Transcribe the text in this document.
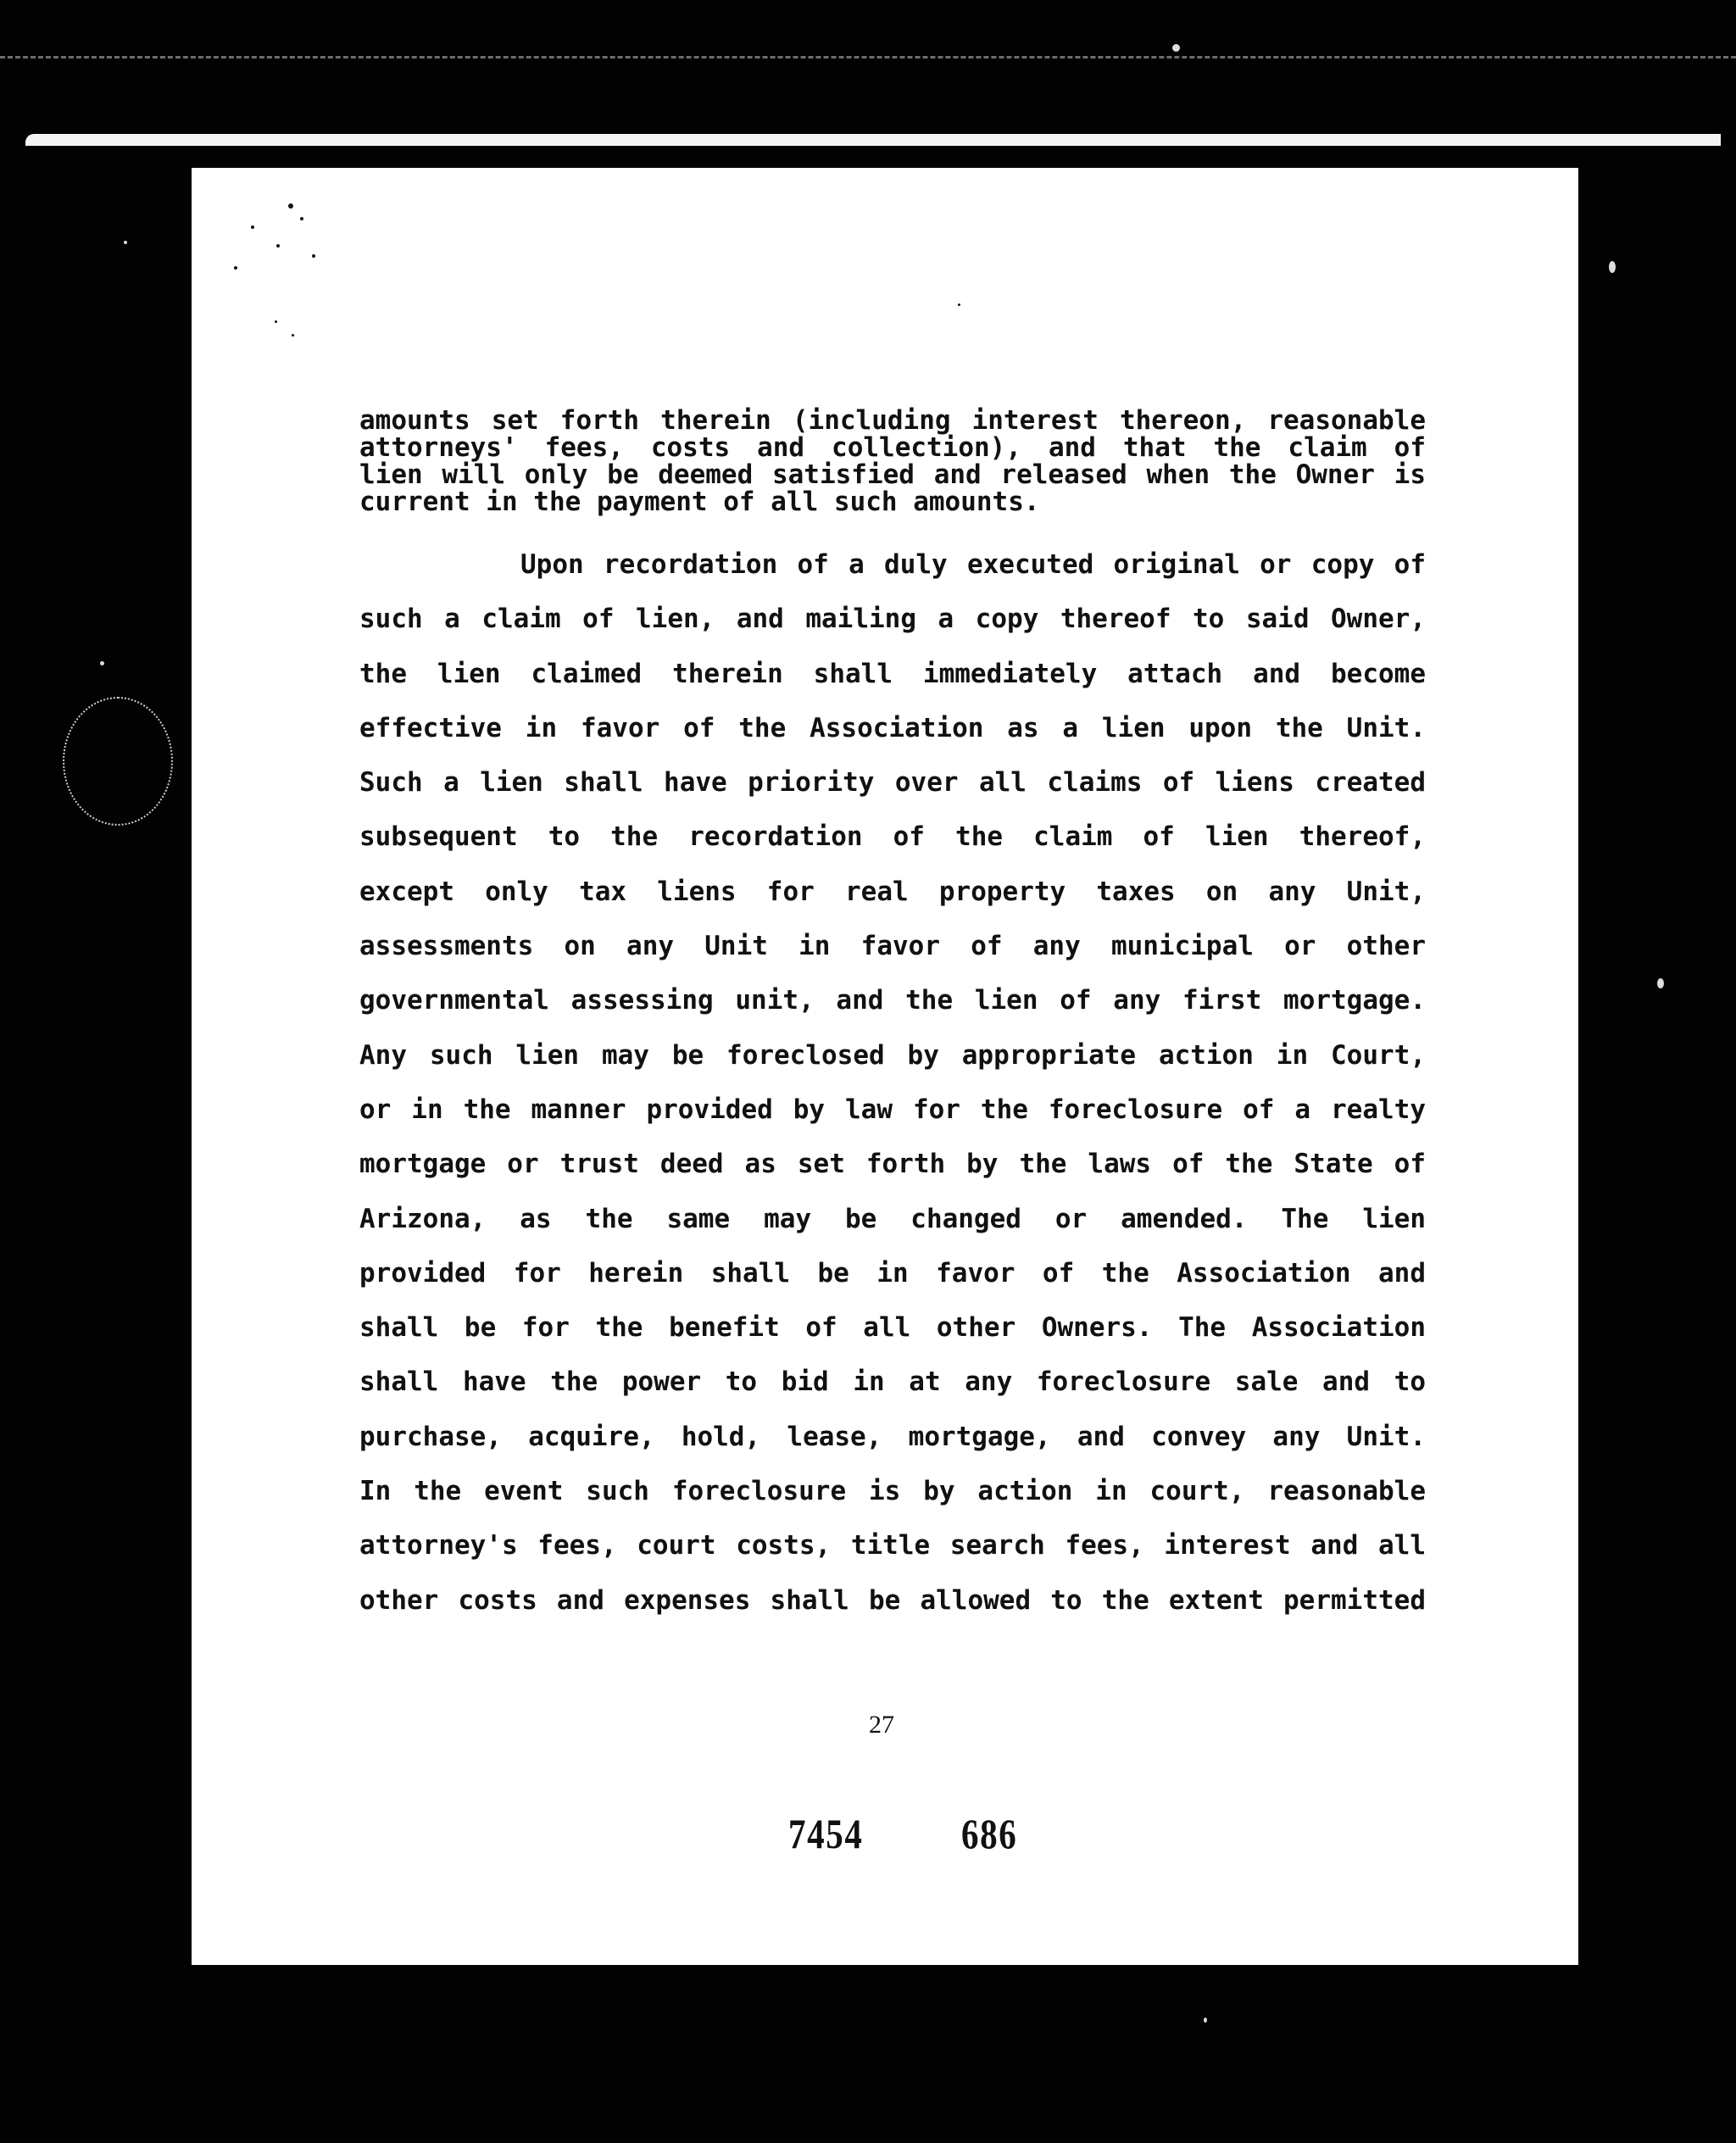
amounts set forth therein (including interest thereon, reasonable
attorneys' fees, costs and collection), and that the claim of
lien will only be deemed satisfied and released when the Owner is
current in the payment of all such amounts.
Upon recordation of a duly executed original or copy of
such a claim of lien, and mailing a copy thereof to said Owner,
the lien claimed therein shall immediately attach and become
effective in favor of the Association as a lien upon the Unit.
Such a lien shall have priority over all claims of liens created
subsequent to the recordation of the claim of lien thereof,
except only tax liens for real property taxes on any Unit,
assessments on any Unit in favor of any municipal or other
governmental assessing unit, and the lien of any first mortgage.
Any such lien may be foreclosed by appropriate action in Court,
or in the manner provided by law for the foreclosure of a realty
mortgage or trust deed as set forth by the laws of the State of
Arizona, as the same may be changed or amended. The lien
provided for herein shall be in favor of the Association and
shall be for the benefit of all other Owners. The Association
shall have the power to bid in at any foreclosure sale and to
purchase, acquire, hold, lease, mortgage, and convey any Unit.
In the event such foreclosure is by action in court, reasonable
attorney's fees, court costs, title search fees, interest and all
other costs and expenses shall be allowed to the extent permitted
27
7454 686
